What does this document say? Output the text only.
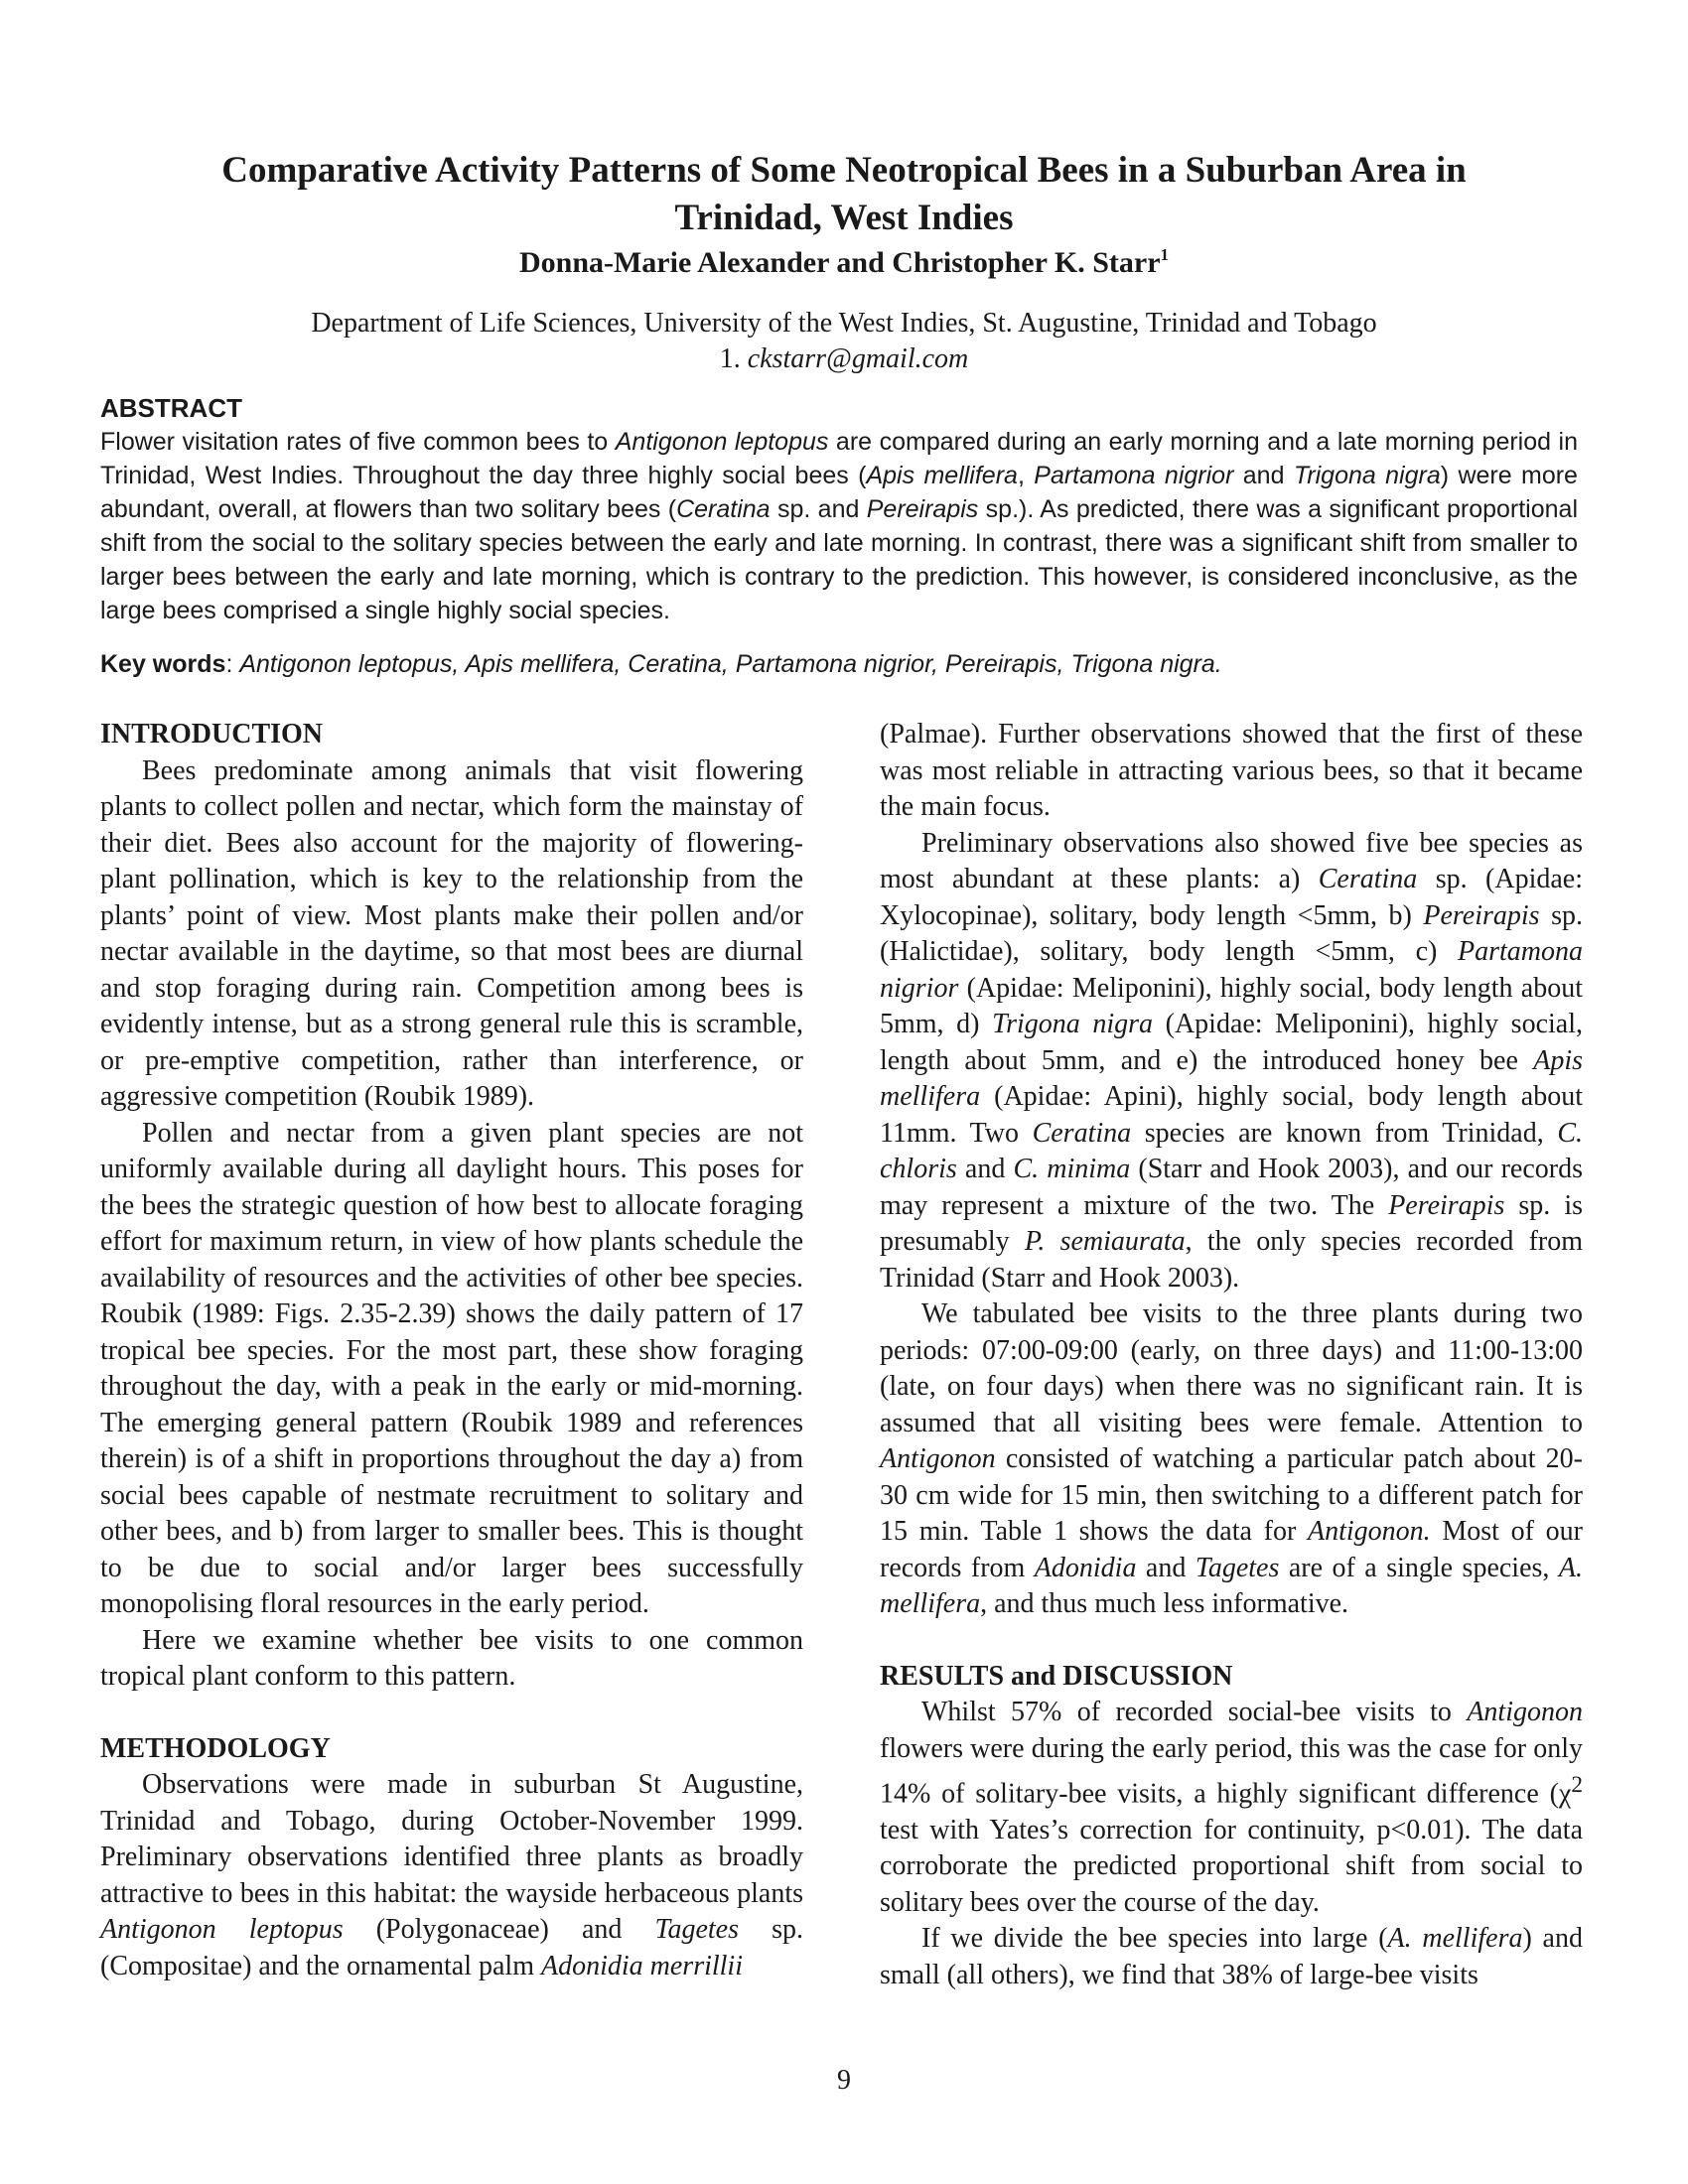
Comparative Activity Patterns of Some Neotropical Bees in a Suburban Area in
Trinidad, West Indies
Donna-Marie Alexander and Christopher K. Starr$^1$
Department of Life Sciences, University of the West Indies, St. Augustine, Trinidad and Tobago
1. ckstarr@gmail.com
ABSTRACT
Flower visitation rates of five common bees to Antigonon leptopus are compared during an early morning and a late morning period in Trinidad, West Indies. Throughout the day three highly social bees (Apis mellifera, Partamona nigrior and Trigona nigra) were more abundant, overall, at flowers than two solitary bees (Ceratina sp. and Pereirapis sp.). As predicted, there was a significant proportional shift from the social to the solitary species between the early and late morning. In contrast, there was a significant shift from smaller to larger bees between the early and late morning, which is contrary to the prediction. This however, is considered inconclusive, as the large bees comprised a single highly social species.
Key words: Antigonon leptopus, Apis mellifera, Ceratina, Partamona nigrior, Pereirapis, Trigona nigra.
INTRODUCTION

Bees predominate among animals that visit flowering plants to collect pollen and nectar, which form the mainstay of their diet. Bees also account for the majority of flowering-plant pollination, which is key to the relationship from the plants’ point of view. Most plants make their pollen and/or nectar available in the daytime, so that most bees are diurnal and stop foraging during rain. Competition among bees is evidently intense, but as a strong general rule this is scramble, or pre-emptive competition, rather than interference, or aggressive competition (Roubik 1989).

Pollen and nectar from a given plant species are not uniformly available during all daylight hours. This poses for the bees the strategic question of how best to allocate foraging effort for maximum return, in view of how plants schedule the availability of resources and the activities of other bee species. Roubik (1989: Figs. 2.35-2.39) shows the daily pattern of 17 tropical bee species. For the most part, these show foraging throughout the day, with a peak in the early or mid-morning. The emerging general pattern (Roubik 1989 and references therein) is of a shift in proportions throughout the day a) from social bees capable of nestmate recruitment to solitary and other bees, and b) from larger to smaller bees. This is thought to be due to social and/or larger bees successfully monopolising floral resources in the early period.

Here we examine whether bee visits to one common tropical plant conform to this pattern.

METHODOLOGY

Observations were made in suburban St Augustine, Trinidad and Tobago, during October-November 1999. Preliminary observations identified three plants as broadly attractive to bees in this habitat: the wayside herbaceous plants Antigonon leptopus (Polygonaceae) and Tagetes sp. (Compositae) and the ornamental palm Adonidia merrillii

(Palmae). Further observations showed that the first of these was most reliable in attracting various bees, so that it became the main focus.

Preliminary observations also showed five bee species as most abundant at these plants: a) Ceratina sp. (Apidae: Xylocopinae), solitary, body length <5mm, b) Pereirapis sp. (Halictidae), solitary, body length <5mm, c) Partamona nigrior (Apidae: Meliponini), highly social, body length about 5mm, d) Trigona nigra (Apidae: Meliponini), highly social, length about 5mm, and e) the introduced honey bee Apis mellifera (Apidae: Apini), highly social, body length about 11mm. Two Ceratina species are known from Trinidad, C. chloris and C. minima (Starr and Hook 2003), and our records may represent a mixture of the two. The Pereirapis sp. is presumably P. semiaurata, the only species recorded from Trinidad (Starr and Hook 2003).

We tabulated bee visits to the three plants during two periods: 07:00-09:00 (early, on three days) and 11:00-13:00 (late, on four days) when there was no significant rain. It is assumed that all visiting bees were female. Attention to Antigonon consisted of watching a particular patch about 20-30 cm wide for 15 min, then switching to a different patch for 15 min. Table 1 shows the data for Antigonon. Most of our records from Adonidia and Tagetes are of a single species, A. mellifera, and thus much less informative.

RESULTS and DISCUSSION

Whilst 57% of recorded social-bee visits to Antigonon flowers were during the early period, this was the case for only 14% of solitary-bee visits, a highly significant difference ($\chi^2$ test with Yates’s correction for continuity, p<0.01). The data corroborate the predicted proportional shift from social to solitary bees over the course of the day.

If we divide the bee species into large (A. mellifera) and small (all others), we find that 38% of large-bee visits

9
